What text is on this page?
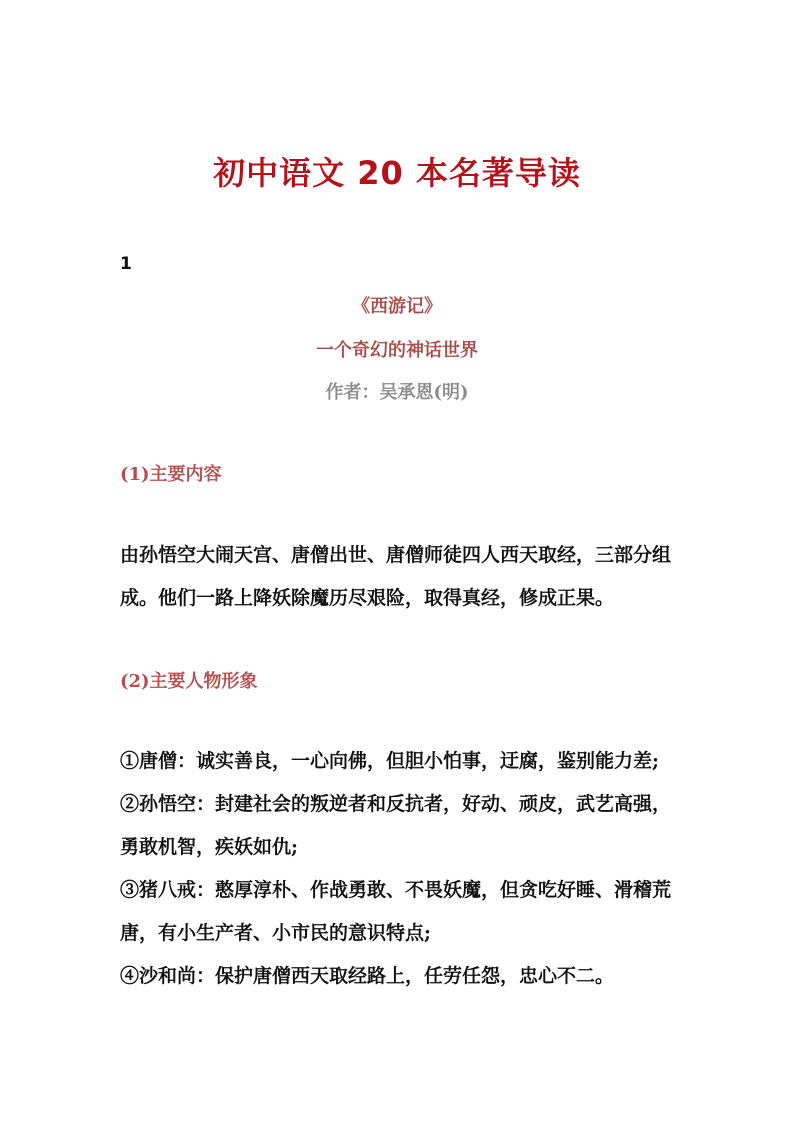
初中语文 20 本名著导读
1
《西游记》
一个奇幻的神话世界
作者：吴承恩(明)
(1)主要内容
由孙悟空大闹天宫、唐僧出世、唐僧师徒四人西天取经，三部分组成。他们一路上降妖除魔历尽艰险，取得真经，修成正果。
(2)主要人物形象
①唐僧：诚实善良，一心向佛，但胆小怕事，迂腐，鉴别能力差;
②孙悟空：封建社会的叛逆者和反抗者，好动、顽皮，武艺高强，勇敢机智，疾妖如仇;
③猪八戒：憨厚淳朴、作战勇敢、不畏妖魔，但贪吃好睡、滑稽荒唐，有小生产者、小市民的意识特点;
④沙和尚：保护唐僧西天取经路上，任劳任怨，忠心不二。
